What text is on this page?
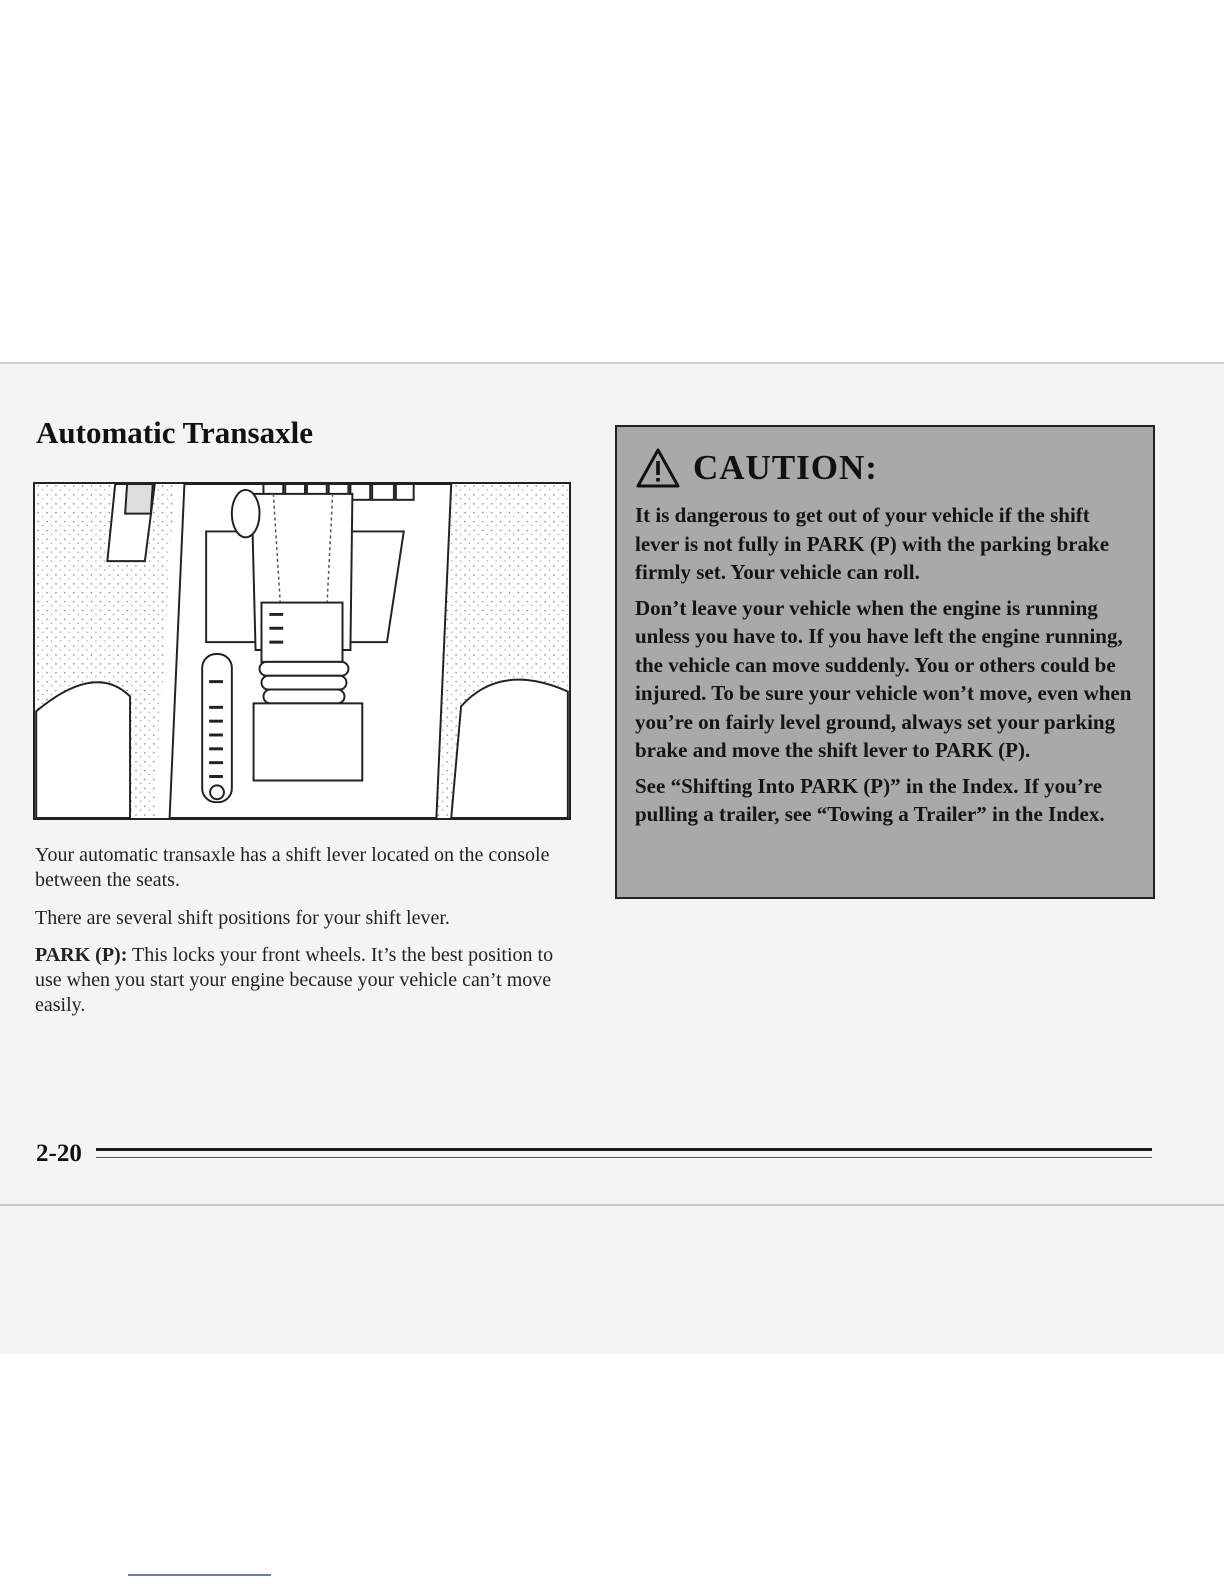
Automatic Transaxle
Your automatic transaxle has a shift lever located on the console between the seats.
There are several shift positions for your shift lever.
PARK (P): This locks your front wheels. It’s the best position to use when you start your engine because your vehicle can’t move easily.
CAUTION:

It is dangerous to get out of your vehicle if the shift lever is not fully in PARK (P) with the parking brake firmly set. Your vehicle can roll.

Don’t leave your vehicle when the engine is running unless you have to. If you have left the engine running, the vehicle can move suddenly. You or others could be injured. To be sure your vehicle won’t move, even when you’re on fairly level ground, always set your parking brake and move the shift lever to PARK (P).

See “Shifting Into PARK (P)” in the Index. If you’re pulling a trailer, see “Towing a Trailer” in the Index.

2-20
